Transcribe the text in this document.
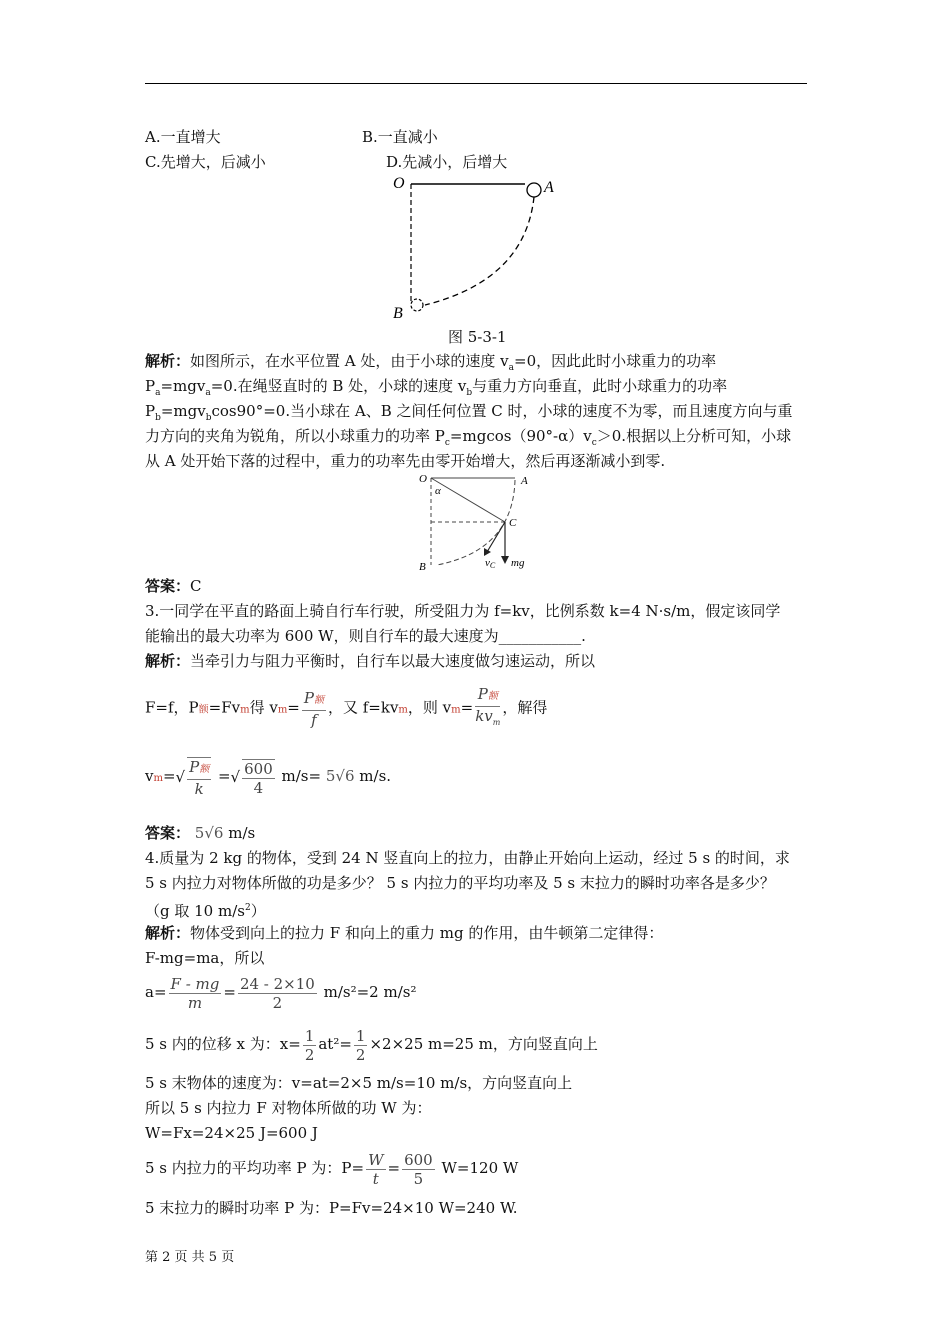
A.一直增大	B.一直减小
C.先增大，后减小	D.先减小，后增大
O	A
B
图 5-3-1
解析：如图所示，在水平位置 A 处，由于小球的速度 $v_a=0$，因此此时小球重力的功率
$P_a=mgv_a=0$.在绳竖直时的 B 处，小球的速度 $v_b$与重力方向垂直，此时小球重力的功率
$P_b=mgv_b\cos 90^\circ=0$.当小球在 A、B 之间任何位置 C 时，小球的速度不为零，而且速度方向与重
力方向的夹角为锐角，所以小球重力的功率 $P_c=mgcos(90^\circ-\alpha)v_c>0$.根据以上分析可知，小球
从 A 处开始下落的过程中，重力的功率先由零开始增大，然后再逐渐减小到零.
O	A
B
C
α
vC mg
答案：C
3.一同学在平直的路面上骑自行车行驶，所受阻力为 f=kv，比例系数 k=4 N·s/m，假定该同学
能输出的最大功率为 600 W，则自行车的最大速度为___________.
解析：当牵引力与阻力平衡时，自行车以最大速度做匀速运动，所以
F=f，P额=Fvm得 $vm= \frac{\text{P额}}{f}$ ，又 f=kvm，则 $vm= \frac{\text{P额}}{kv_m}$ ，解得
$vm=√ \frac{\text{P额}}{k}$ =√ $\frac{600}{4} m/s= 5√6$ m/s.
答案： 5√6 m/s
4.质量为 2 kg 的物体，受到 24 N 竖直向上的拉力，由静止开始向上运动，经过 5 s 的时间，求
5 s 内拉力对物体所做的功是多少？ 5 s 内拉力的平均功率及 5 s 末拉力的瞬时功率各是多少？
（g 取 10 $m/s^2$）
解析：物体受到向上的拉力 F 和向上的重力 mg 的作用，由牛顿第二定律得：
F-mg=ma，所以
$a= \frac{F - mg}{m} = \frac{24 - 2\times 10}{2} m/s^2=2$ m/s²
5 s 内的位移 x 为：$x= \frac{1}{2} at^2= \frac{1}{2} \times 2\times 25$ m=25 m，方向竖直向上
5 s 末物体的速度为：v=at=2×5 m/s=10 m/s，方向竖直向上
所以 5 s 内拉力 F 对物体所做的功 W 为：
W=Fx=24×25 J=600 J
5 s 内拉力的平均功率 P 为：$P= \frac{W}{t} = \frac{600}{5} W=120$ W
5 末拉力的瞬时功率 P 为：P=Fv=24×10 W=240 W.
第 2 页 共 5 页
